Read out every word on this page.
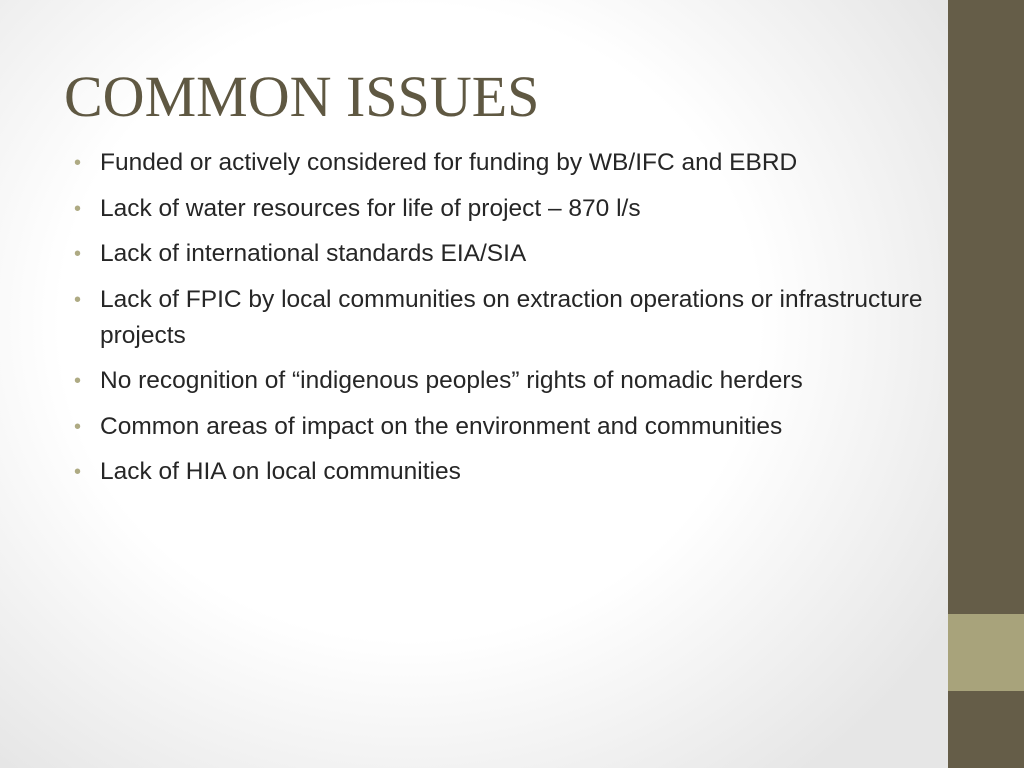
COMMON ISSUES
• Funded or actively considered for funding by WB/IFC and EBRD
• Lack of water resources for life of project – 870 l/s
• Lack of international standards EIA/SIA
• Lack of FPIC by local communities on extraction operations or infrastructure projects
• No recognition of “indigenous peoples” rights of nomadic herders
• Common areas of impact on the environment and communities
• Lack of HIA on local communities
